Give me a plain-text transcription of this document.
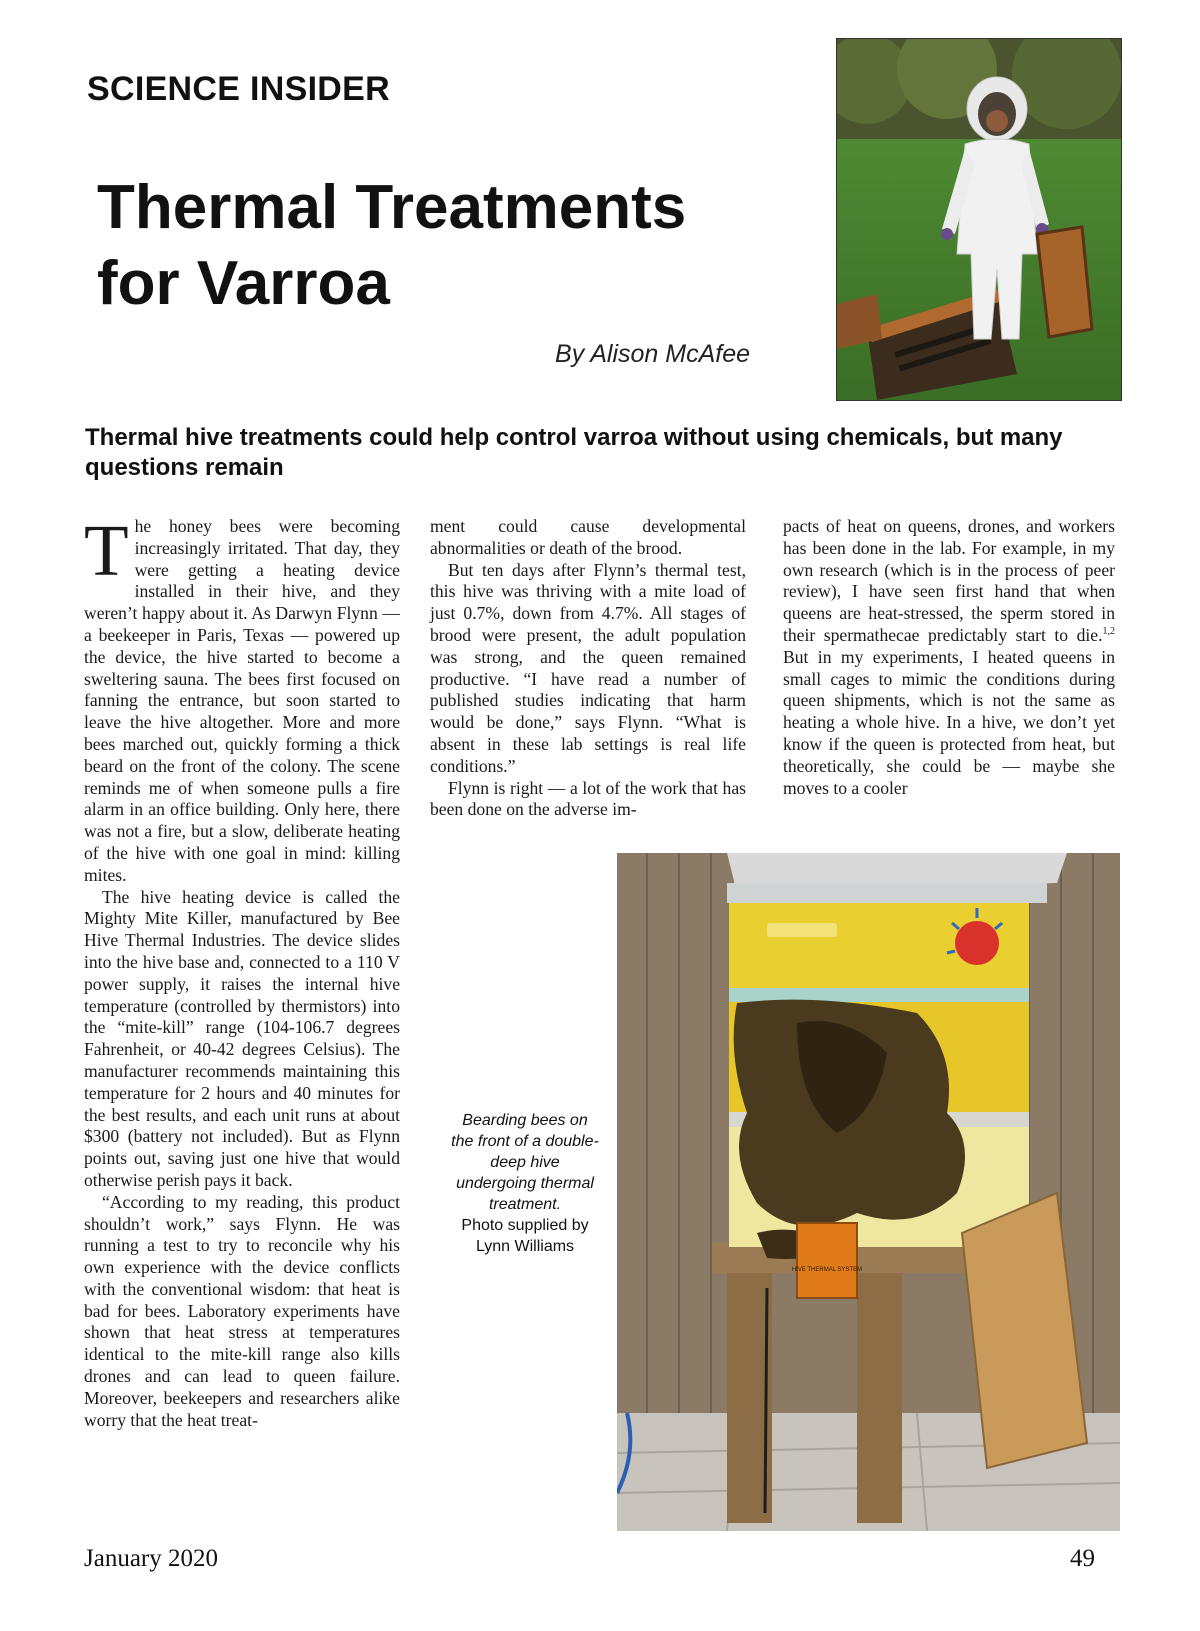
SCIENCE INSIDER
Thermal Treatments
for Varroa
By Alison McAfee
Thermal hive treatments could help control varroa without using chemicals, but many questions remain

The honey bees were becoming increasingly irritated. That day, they were getting a heating device installed in their hive, and they weren’t happy about it. As Darwyn Flynn — a beekeeper in Paris, Texas — powered up the device, the hive started to become a sweltering sauna. The bees first focused on fanning the entrance, but soon started to leave the hive altogether. More and more bees marched out, quickly forming a thick beard on the front of the colony. The scene reminds me of when someone pulls a fire alarm in an office building. Only here, there was not a fire, but a slow, deliberate heating of the hive with one goal in mind: killing mites.

The hive heating device is called the Mighty Mite Killer, manufactured by Bee Hive Thermal Industries. The device slides into the hive base and, connected to a 110 V power supply, it raises the internal hive temperature (controlled by thermistors) into the “mite-kill” range (104-106.7 degrees Fahrenheit, or 40-42 degrees Celsius). The manufacturer recommends maintaining this temperature for 2 hours and 40 minutes for the best results, and each unit runs at about $300 (battery not included). But as Flynn points out, saving just one hive that would otherwise perish pays it back.

“According to my reading, this product shouldn’t work,” says Flynn. He was running a test to try to reconcile why his own experience with the device conflicts with the conventional wisdom: that heat is bad for bees. Laboratory experiments have shown that heat stress at temperatures identical to the mite-kill range also kills drones and can lead to queen failure. Moreover, beekeepers and researchers alike worry that the heat treat-

ment could cause developmental abnormalities or death of the brood.

But ten days after Flynn’s thermal test, this hive was thriving with a mite load of just 0.7%, down from 4.7%. All stages of brood were present, the adult population was strong, and the queen remained productive. “I have read a number of published studies indicating that harm would be done,” says Flynn. “What is absent in these lab settings is real life conditions.”

Flynn is right — a lot of the work that has been done on the adverse im-

pacts of heat on queens, drones, and workers has been done in the lab. For example, in my own research (which is in the process of peer review), I have seen first hand that when queens are heat-stressed, the sperm stored in their spermathecae predictably start to die.$^{1,2}$ But in my experiments, I heated queens in small cages to mimic the conditions during queen shipments, which is not the same as heating a whole hive. In a hive, we don’t yet know if the queen is protected from heat, but theoretically, she could be — maybe she moves to a cooler

Bearding bees on the front of a double-deep hive undergoing thermal treatment.
Photo supplied by Lynn Williams
HIVE THERMAL SYSTEM
January 2020	49
